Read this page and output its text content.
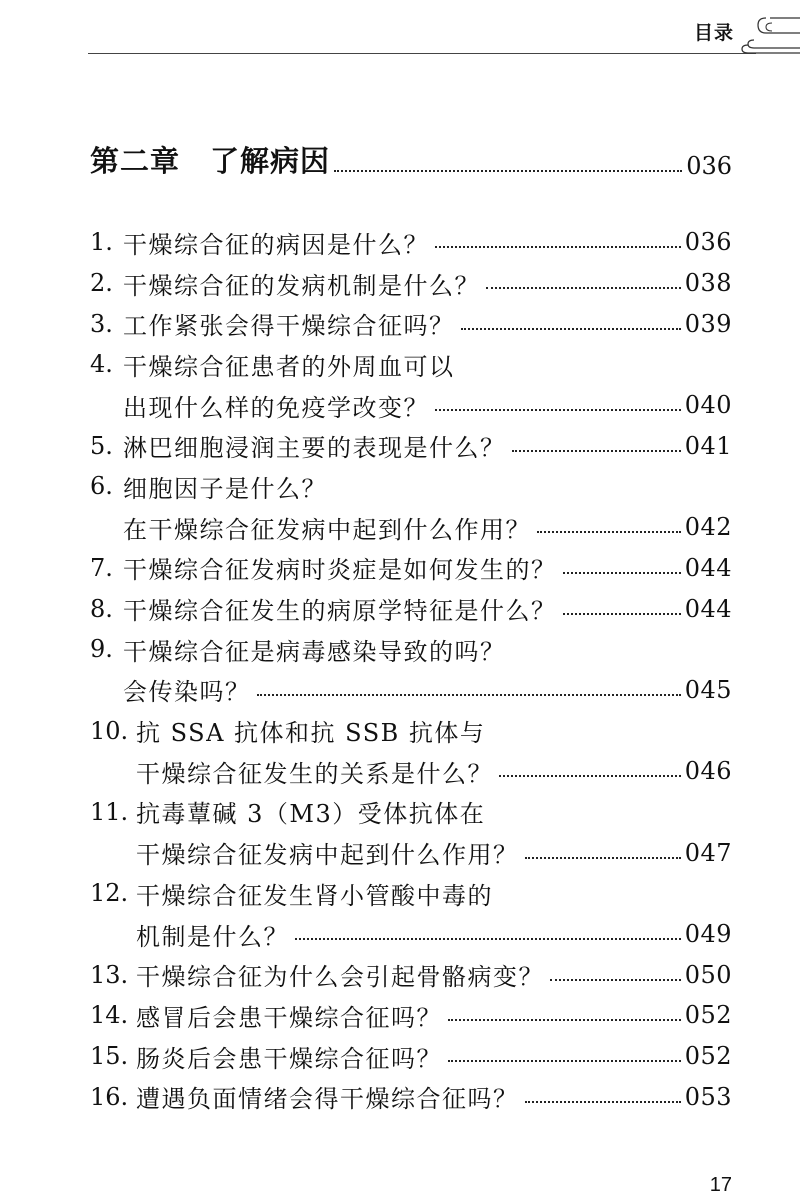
目录
第二章 了解病因	036
1. 干燥综合征的病因是什么？	036
2. 干燥综合征的发病机制是什么？	038
3. 工作紧张会得干燥综合征吗？	039
4. 干燥综合征患者的外周血可以
出现什么样的免疫学改变？	040
5. 淋巴细胞浸润主要的表现是什么？	041
6. 细胞因子是什么？
在干燥综合征发病中起到什么作用？	042
7. 干燥综合征发病时炎症是如何发生的？	044
8. 干燥综合征发生的病原学特征是什么？	044
9. 干燥综合征是病毒感染导致的吗？
会传染吗？	045
10. 抗 SSA 抗体和抗 SSB 抗体与
干燥综合征发生的关系是什么？	046
11. 抗毒蕈碱 3（M3）受体抗体在
干燥综合征发病中起到什么作用？	047
12. 干燥综合征发生肾小管酸中毒的
机制是什么？	049
13. 干燥综合征为什么会引起骨骼病变？	050
14. 感冒后会患干燥综合征吗？	052
15. 肠炎后会患干燥综合征吗？	052
16. 遭遇负面情绪会得干燥综合征吗？	053
17
